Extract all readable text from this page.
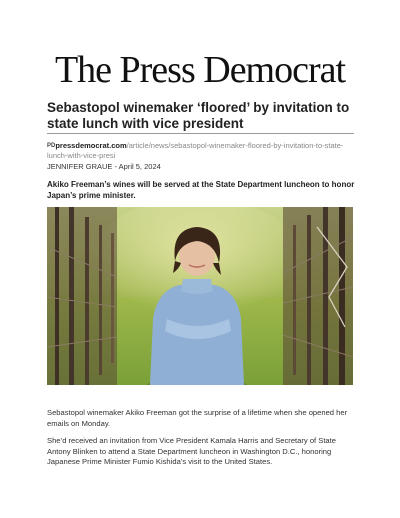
The Press Democrat
Sebastopol winemaker ‘floored’ by invitation to state lunch with vice president
$^{PD}$pressdemocrat.com/article/news/sebastopol-winemaker-floored-by-invitation-to-state-lunch-with-vice-presi
JENNIFER GRAUE - April 5, 2024
Akiko Freeman’s wines will be served at the State Department luncheon to honor Japan’s prime minister.
Sebastopol winemaker Akiko Freeman got the surprise of a lifetime when she opened her emails on Monday.
She’d received an invitation from Vice President Kamala Harris and Secretary of State Antony Blinken to attend a State Department luncheon in Washington D.C., honoring Japanese Prime Minister Fumio Kishida’s visit to the United States.
